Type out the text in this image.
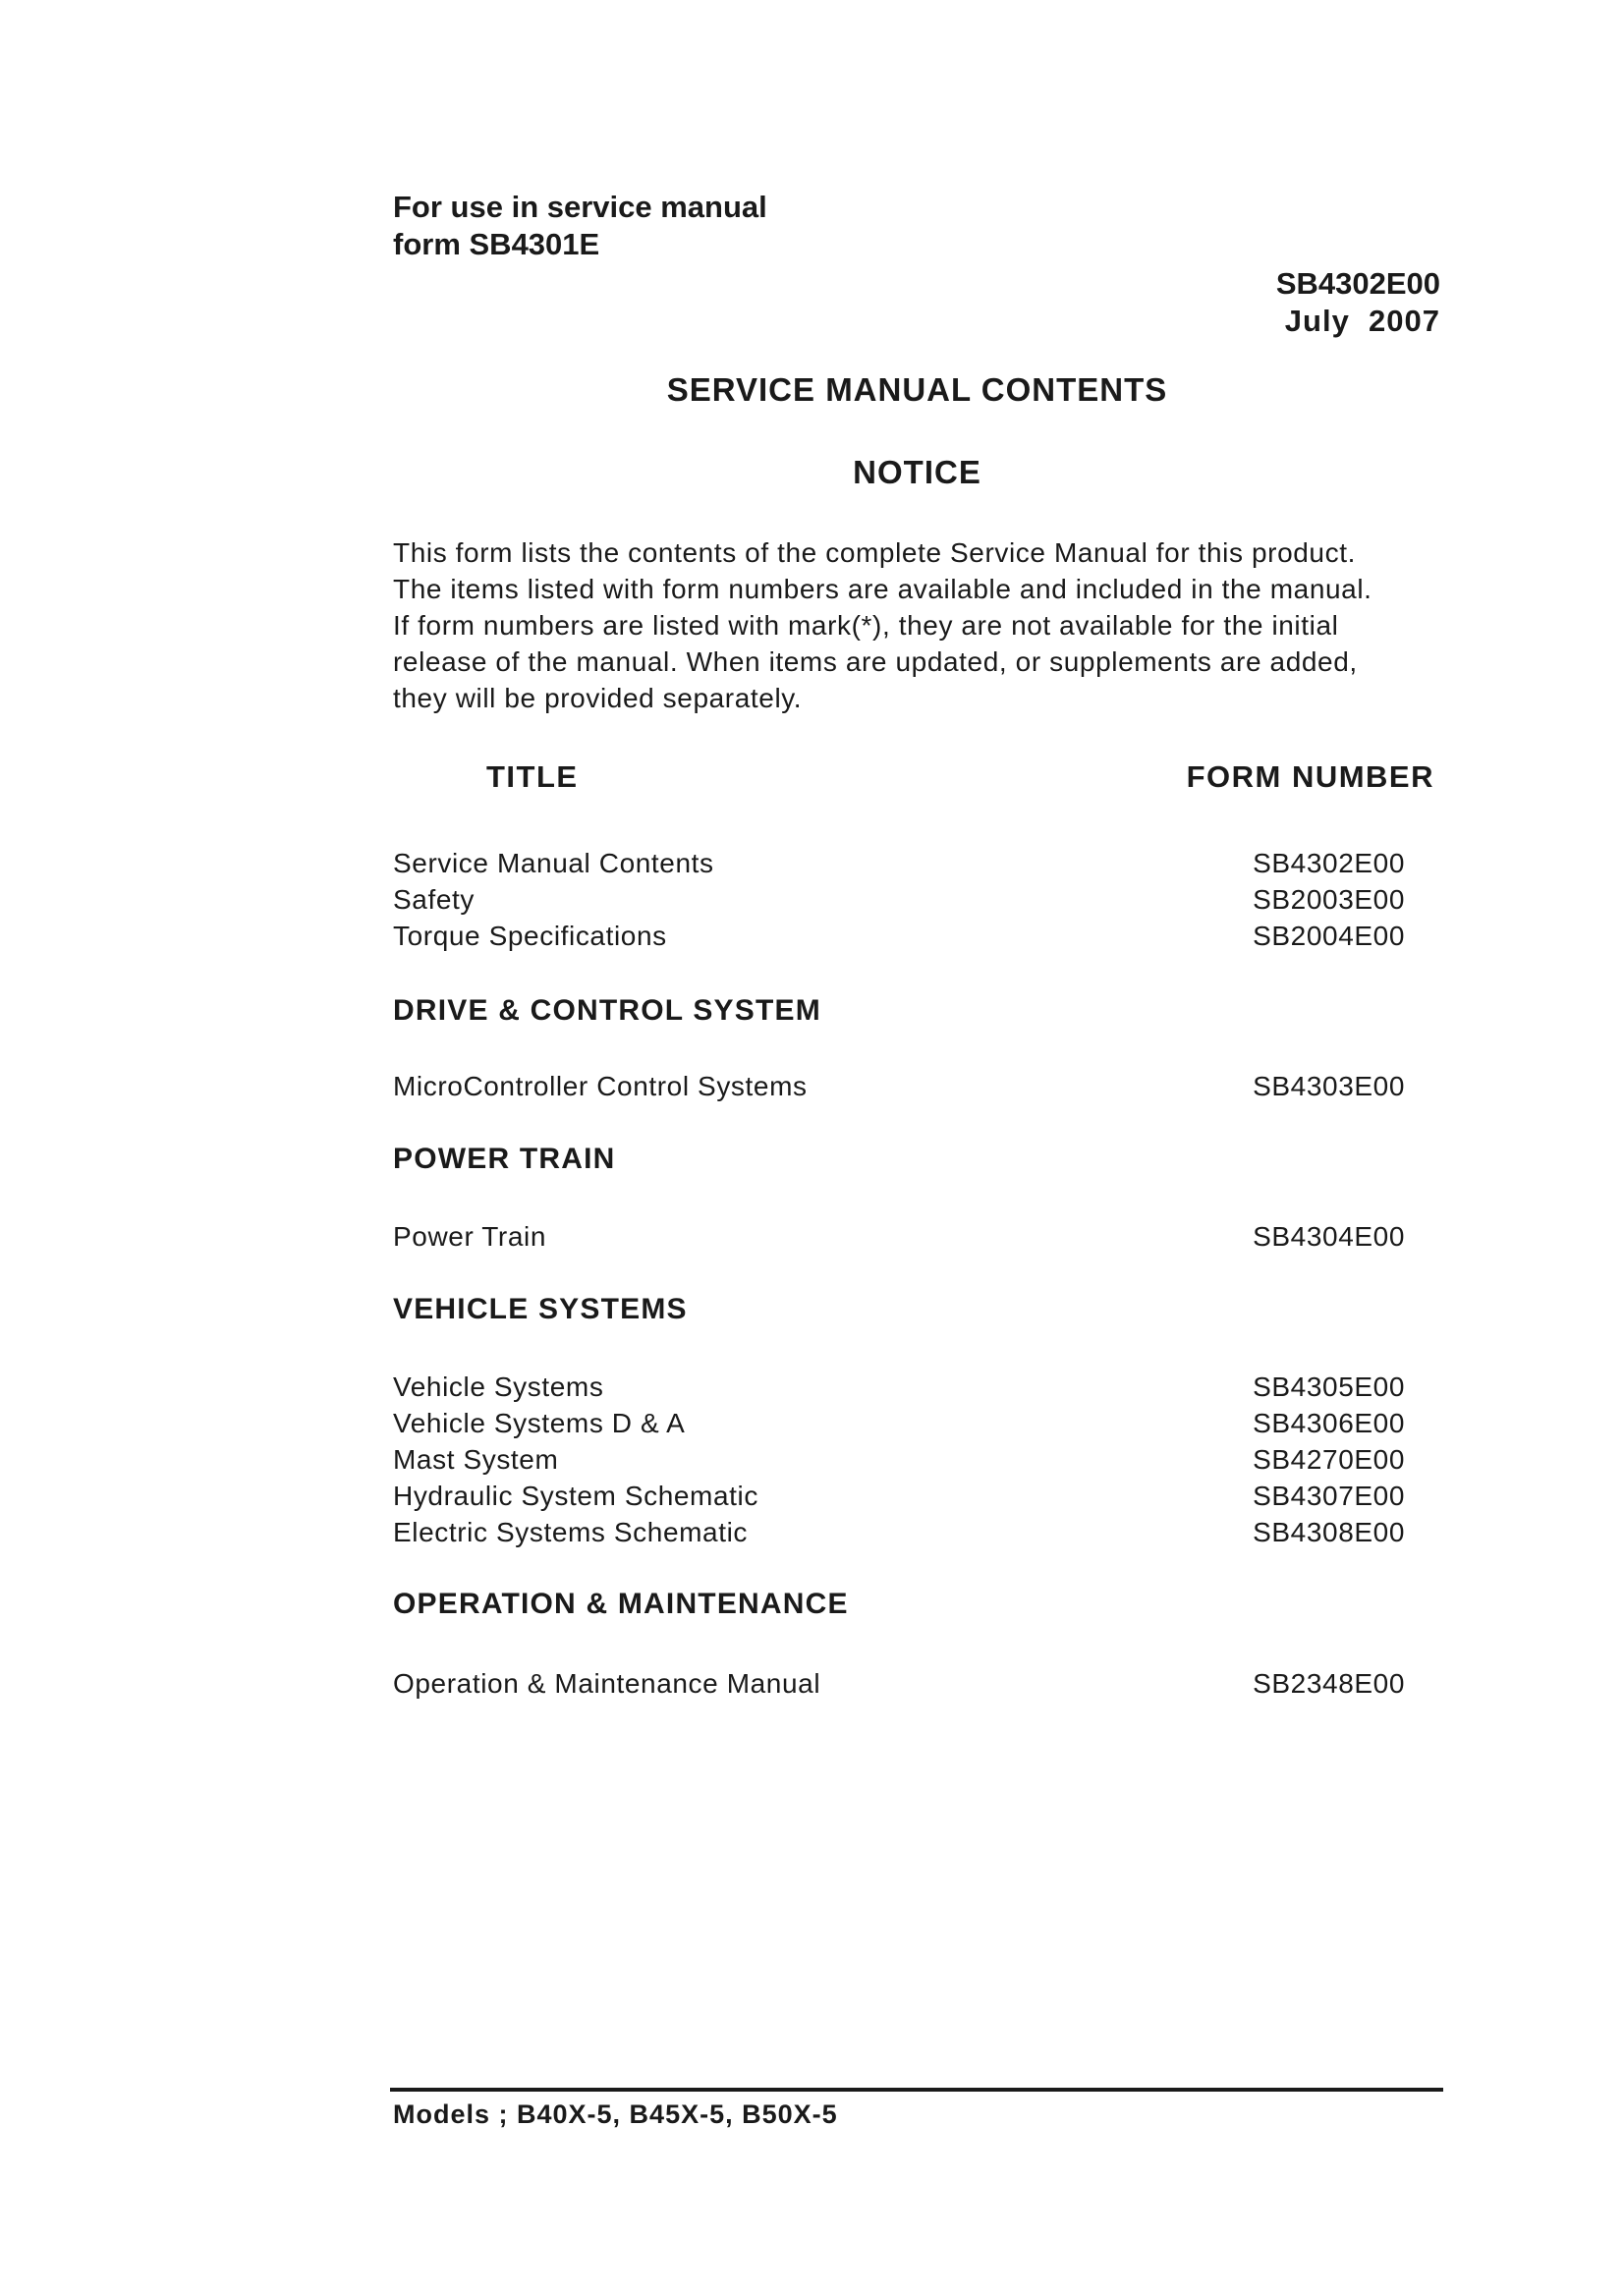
For use in service manual
form SB4301E
SB4302E00
July  2007
SERVICE MANUAL CONTENTS
NOTICE
This form lists the contents of the complete Service Manual for this product.
The items listed with form numbers are available and included in the manual.
If form numbers are listed with mark(*), they are not available for the initial
release of the manual. When items are updated, or supplements are added,
they will be provided separately.
TITLE	FORM NUMBER
Service Manual Contents	SB4302E00
Safety	SB2003E00
Torque Specifications	SB2004E00
DRIVE & CONTROL SYSTEM
MicroController Control Systems	SB4303E00
POWER TRAIN
Power Train	SB4304E00
VEHICLE SYSTEMS
Vehicle Systems	SB4305E00
Vehicle Systems D & A	SB4306E00
Mast System	SB4270E00
Hydraulic System Schematic	SB4307E00
Electric Systems Schematic	SB4308E00
OPERATION & MAINTENANCE
Operation & Maintenance Manual	SB2348E00
Models ; B40X-5, B45X-5, B50X-5
